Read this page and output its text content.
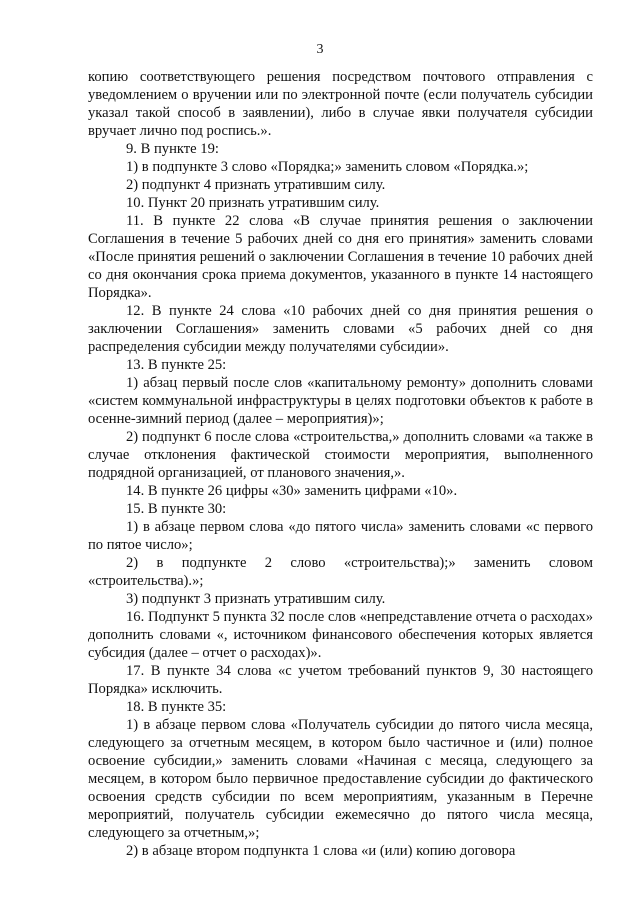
3

копию соответствующего решения посредством почтового отправления с уведомлением о вручении или по электронной почте (если получатель субсидии указал такой способ в заявлении), либо в случае явки получателя субсидии вручает лично под роспись.».

9. В пункте 19:

1) в подпункте 3 слово «Порядка;» заменить словом «Порядка.»;

2) подпункт 4 признать утратившим силу.

10. Пункт 20 признать утратившим силу.

11. В пункте 22 слова «В случае принятия решения о заключении Соглашения в течение 5 рабочих дней со дня его принятия» заменить словами «После принятия решений о заключении Соглашения в течение 10 рабочих дней со дня окончания срока приема документов, указанного в пункте 14 настоящего Порядка».

12. В пункте 24 слова «10 рабочих дней со дня принятия решения о заключении Соглашения» заменить словами «5 рабочих дней со дня распределения субсидии между получателями субсидии».

13. В пункте 25:

1) абзац первый после слов «капитальному ремонту» дополнить словами «систем коммунальной инфраструктуры в целях подготовки объектов к работе в осенне-зимний период (далее – мероприятия)»;

2) подпункт 6 после слова «строительства,» дополнить словами «а также в случае отклонения фактической стоимости мероприятия, выполненного подрядной организацией, от планового значения,».

14. В пункте 26 цифры «30» заменить цифрами «10».

15. В пункте 30:

1) в абзаце первом слова «до пятого числа» заменить словами «с первого по пятое число»;

2) в подпункте 2 слово «строительства);» заменить словом «строительства).»;

3) подпункт 3 признать утратившим силу.

16. Подпункт 5 пункта 32 после слов «непредставление отчета о расходах» дополнить словами «, источником финансового обеспечения которых является субсидия (далее – отчет о расходах)».

17. В пункте 34 слова «с учетом требований пунктов 9, 30 настоящего Порядка» исключить.

18. В пункте 35:

1) в абзаце первом слова «Получатель субсидии до пятого числа месяца, следующего за отчетным месяцем, в котором было частичное и (или) полное освоение субсидии,» заменить словами «Начиная с месяца, следующего за месяцем, в котором было первичное предоставление субсидии до фактического освоения средств субсидии по всем мероприятиям, указанным в Перечне мероприятий, получатель субсидии ежемесячно до пятого числа месяца, следующего за отчетным,»;

2) в абзаце втором подпункта 1 слова «и (или) копию договора
